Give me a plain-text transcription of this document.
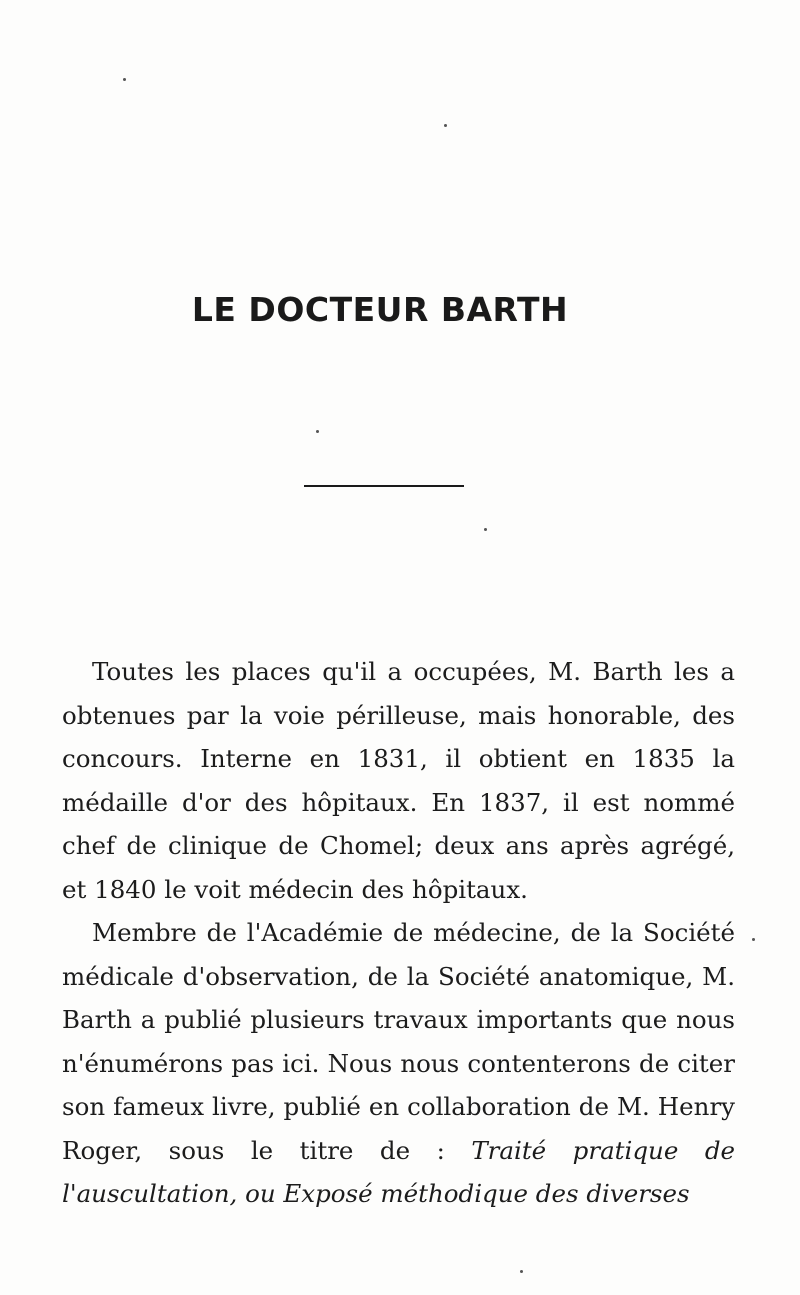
LE DOCTEUR BARTH

Toutes les places qu'il a occupées, M. Barth les a obtenues par la voie périlleuse, mais honorable, des concours. Interne en 1831, il obtient en 1835 la médaille d'or des hôpitaux. En 1837, il est nommé chef de clinique de Chomel; deux ans après agrégé, et 1840 le voit médecin des hôpitaux.

Membre de l'Académie de médecine, de la Société médicale d'observation, de la Société anatomique, M. Barth a publié plusieurs travaux importants que nous n'énumérons pas ici. Nous nous contenterons de citer son fameux livre, publié en collaboration de M. Henry Roger, sous le titre de : Traité pratique de l'auscultation, ou Exposé méthodique des diverses
